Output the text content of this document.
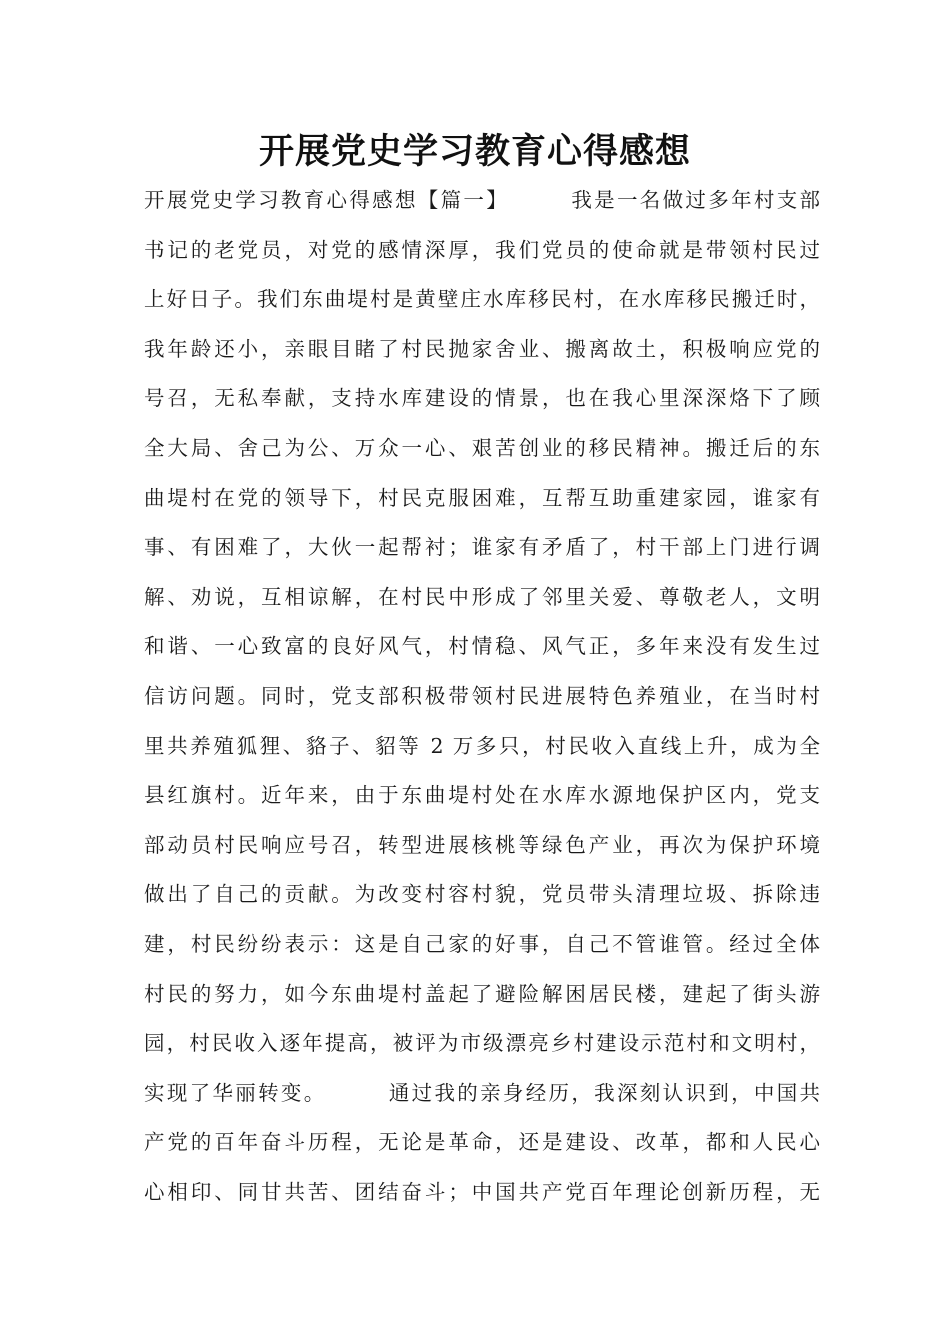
开展党史学习教育心得感想
开展党史学习教育心得感想【篇一】	我是一名做过多年村支部
书记的老党员，对党的感情深厚，我们党员的使命就是带领村民过
上好日子。我们东曲堤村是黄壁庄水库移民村，在水库移民搬迁时，
我年龄还小，亲眼目睹了村民抛家舍业、搬离故土，积极响应党的
号召，无私奉献，支持水库建设的情景，也在我心里深深烙下了顾
全大局、舍己为公、万众一心、艰苦创业的移民精神。搬迁后的东
曲堤村在党的领导下，村民克服困难，互帮互助重建家园，谁家有
事、有困难了，大伙一起帮衬；谁家有矛盾了，村干部上门进行调
解、劝说，互相谅解，在村民中形成了邻里关爱、尊敬老人，文明
和谐、一心致富的良好风气，村情稳、风气正，多年来没有发生过
信访问题。同时，党支部积极带领村民进展特色养殖业，在当时村
里共养殖狐狸、貉子、貂等 2 万多只，村民收入直线上升，成为全
县红旗村。近年来，由于东曲堤村处在水库水源地保护区内，党支
部动员村民响应号召，转型进展核桃等绿色产业，再次为保护环境
做出了自己的贡献。为改变村容村貌，党员带头清理垃圾、拆除违
建，村民纷纷表示：这是自己家的好事，自己不管谁管。经过全体
村民的努力，如今东曲堤村盖起了避险解困居民楼，建起了街头游
园，村民收入逐年提高，被评为市级漂亮乡村建设示范村和文明村，
实现了华丽转变。	通过我的亲身经历，我深刻认识到，中国共
产党的百年奋斗历程，无论是革命，还是建设、改革，都和人民心
心相印、同甘共苦、团结奋斗；中国共产党百年理论创新历程，无
